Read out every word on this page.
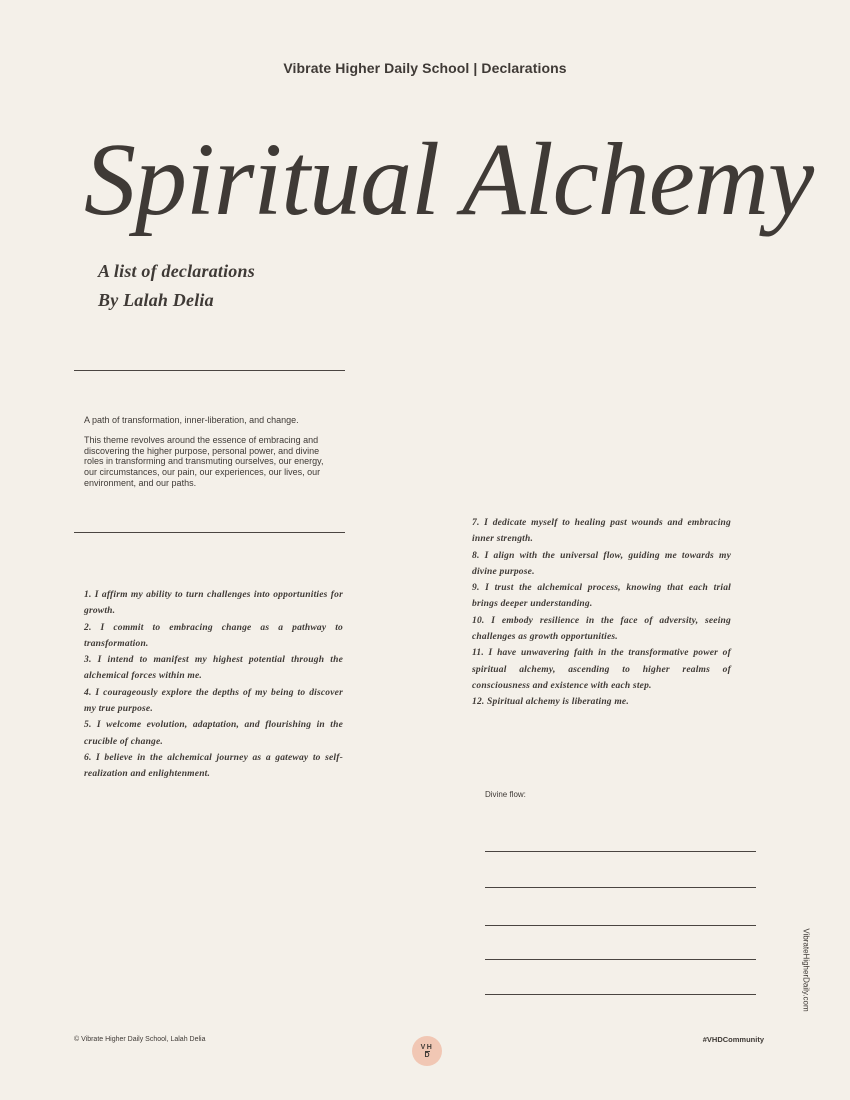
Vibrate Higher Daily School | Declarations
Spiritual Alchemy
A list of declarations
By Lalah Delia

A path of transformation, inner-liberation, and change.

This theme revolves around the essence of embracing and discovering the higher purpose, personal power, and divine roles in transforming and transmuting ourselves, our energy, our circumstances, our pain, our experiences, our lives, our environment, and our paths.

1. I affirm my ability to turn challenges into opportunities for growth.
2. I commit to embracing change as a pathway to transformation.
3. I intend to manifest my highest potential through the alchemical forces within me.
4. I courageously explore the depths of my being to discover my true purpose.
5. I welcome evolution, adaptation, and flourishing in the crucible of change.
6. I believe in the alchemical journey as a gateway to self-realization and enlightenment.
7. I dedicate myself to healing past wounds and embracing inner strength.
8. I align with the universal flow, guiding me towards my divine purpose.
9. I trust the alchemical process, knowing that each trial brings deeper understanding.
10. I embody resilience in the face of adversity, seeing challenges as growth opportunities.
11. I have unwavering faith in the transformative power of spiritual alchemy, ascending to higher realms of consciousness and existence with each step.
12. Spiritual alchemy is liberating me.
Divine flow:
VibrateHigherDaily.com
© Vibrate Higher Daily School, Lalah Delia
VH
D
#VHDCommunity
